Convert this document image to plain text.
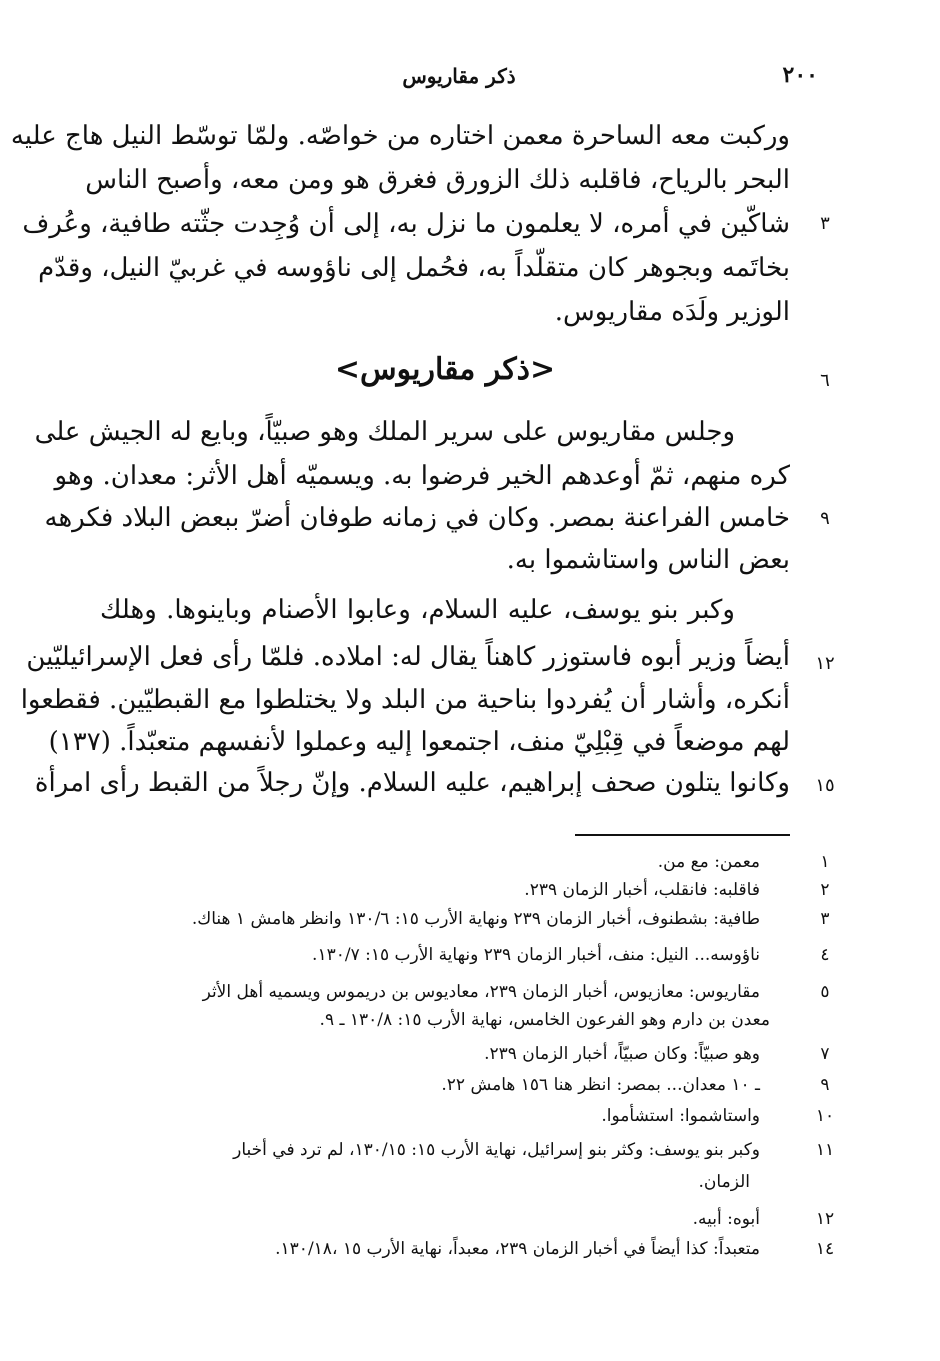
٢٠٠
ذكر مقاريوس
وركبت معه الساحرة معمن اختاره من خواصّه. ولمّا توسّط النيل هاج عليه
البحر بالرياح، فاقلبه ذلك الزورق فغرق هو ومن معه، وأصبح الناس
٣
شاكّين في أمره، لا يعلمون ما نزل به، إلى أن وُجِدت جثّته طافية، وعُرف
بخاتَمه وبجوهر كان متقلّداً به، فحُمل إلى ناؤوسه في غربيّ النيل، وقدّم
الوزير ولَدَه مقاريوس.
٦
<ذكر مقاريوس>
وجلس مقاريوس على سرير الملك وهو صبيّاً، وبايع له الجيش على
كره منهم، ثمّ أوعدهم الخير فرضوا به. ويسميّه أهل الأثر: معدان. وهو
٩
خامس الفراعنة بمصر. وكان في زمانه طوفان أضرّ ببعض البلاد فكرهه
بعض الناس واستاشموا به.
وكبر بنو يوسف، عليه السلام، وعابوا الأصنام وباينوها. وهلك
١٢
أيضاً وزير أبوه فاستوزر كاهناً يقال له: املاده. فلمّا رأى فعل الإسرائيليّين
أنكره، وأشار أن يُفردوا بناحية من البلد ولا يختلطوا مع القبطيّين. فقطعوا
لهم موضعاً في قِبْلِيّ منف، اجتمعوا إليه وعملوا لأنفسهم متعبّداً. (١٣٧)
١٥
وكانوا يتلون صحف إبراهيم، عليه السلام. وإنّ رجلاً من القبط رأى امرأة
١
معمن: مع من.
٢
فاقلبه: فانقلب، أخبار الزمان ٢٣٩.
٣
طافية: بشطنوف، أخبار الزمان ٢٣٩ ونهاية الأرب ١٥: ١٣٠/٦ وانظر هامش ١ هناك.
٤
ناؤوسه... النيل: منف، أخبار الزمان ٢٣٩ ونهاية الأرب ١٥: ١٣٠/٧.
٥
مقاريوس: معازيوس، أخبار الزمان ٢٣٩، معاديوس بن دريموس ويسميه أهل الأثر
معدن بن دارم وهو الفرعون الخامس، نهاية الأرب ١٥: ١٣٠/٨ ـ ٩.
٧
وهو صبيّاً: وكان صبيّاً، أخبار الزمان ٢٣٩.
٩
ـ ١٠ معدان... بمصر: انظر هنا ١٥٦ هامش ٢٢.
١٠
واستاشموا: استشأموا.
١١
وكبر بنو يوسف: وكثر بنو إسرائيل، نهاية الأرب ١٥: ١٣٠/١٥، لم ترد في أخبار
الزمان.
١٢
أبوه: أبيه.
١٤
متعبداً: كذا أيضاً في أخبار الزمان ٢٣٩، معبداً، نهاية الأرب ١٥ ،١٣٠/١٨.
